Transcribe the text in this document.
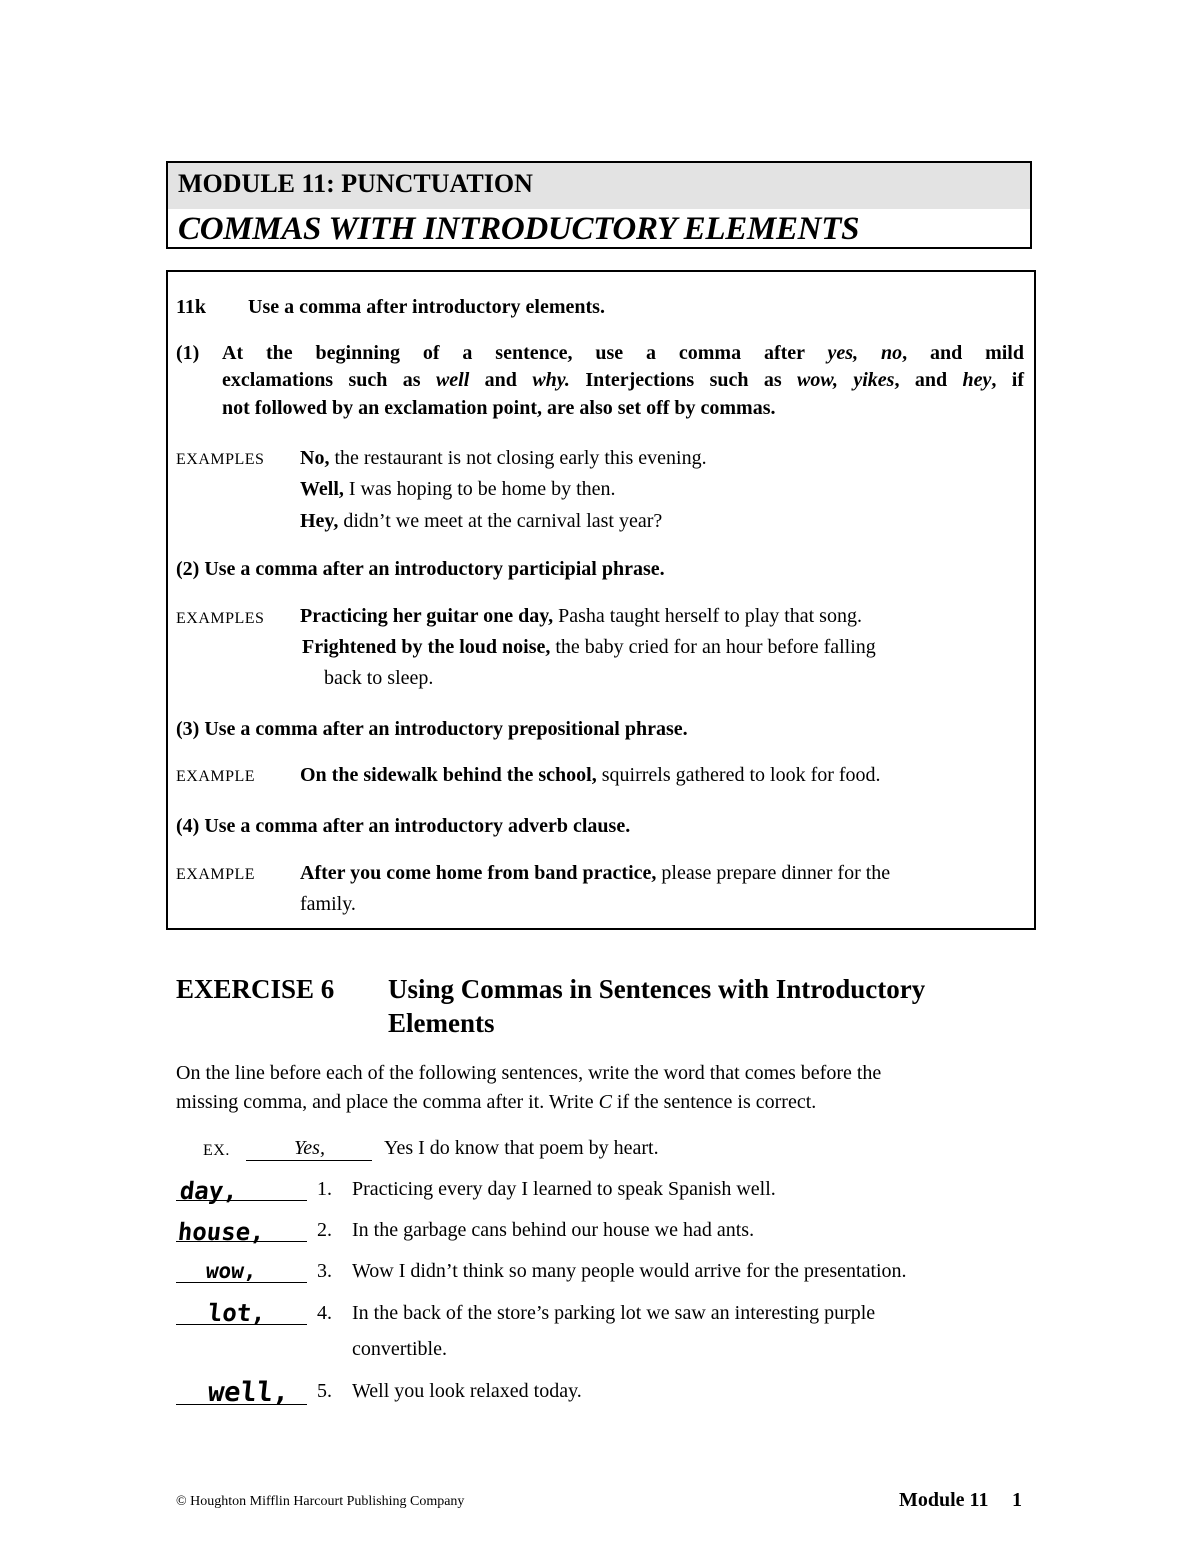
MODULE 11: PUNCTUATION
COMMAS WITH INTRODUCTORY ELEMENTS
11k Use a comma after introductory elements.
(1) At the beginning of a sentence, use a comma after yes, no, and mild
exclamations such as well and why. Interjections such as wow, yikes, and hey, if
not followed by an exclamation point, are also set off by commas.
EXAMPLES No, the restaurant is not closing early this evening.
Well, I was hoping to be home by then.
Hey, didn’t we meet at the carnival last year?
(2) Use a comma after an introductory participial phrase.
EXAMPLES Practicing her guitar one day, Pasha taught herself to play that song.
Frightened by the loud noise, the baby cried for an hour before falling
back to sleep.
(3) Use a comma after an introductory prepositional phrase.
EXAMPLE On the sidewalk behind the school, squirrels gathered to look for food.
(4) Use a comma after an introductory adverb clause.
EXAMPLE After you come home from band practice, please prepare dinner for the
family.
EXERCISE 6 Using Commas in Sentences with Introductory
Elements
On the line before each of the following sentences, write the word that comes before the
missing comma, and place the comma after it. Write C if the sentence is correct.
EX.	Yes,	Yes I do know that poem by heart.
day,	1. Practicing every day I learned to speak Spanish well.
house,	2. In the garbage cans behind our house we had ants.
wow,	3. Wow I didn’t think so many people would arrive for the presentation.
lot, 4. In the back of the store’s parking lot we saw an interesting purple
convertible.
well, 5. Well you look relaxed today.
© Houghton Mifflin Harcourt Publishing Company	Module 11 1
